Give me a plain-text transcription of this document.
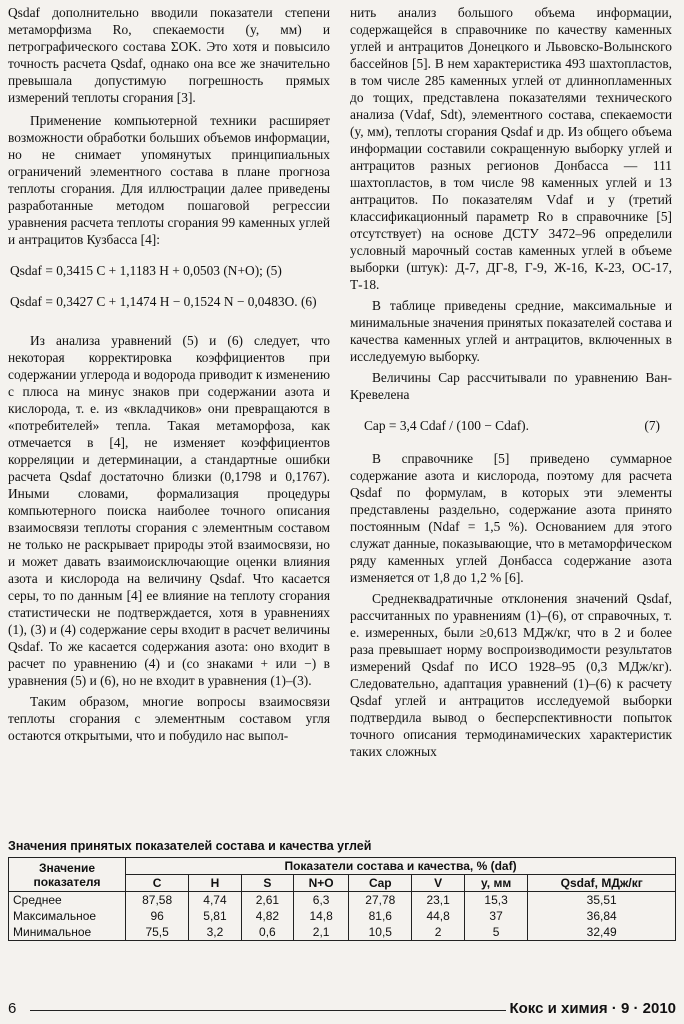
Qsdaf дополнительно вводили показатели степени метаморфизма Ro, спекаемости (y, мм) и петрографического состава ΣOK. Это хотя и повысило точность расчета Qsdaf, однако она все же значительно превышала допустимую погрешность прямых измерений теплоты сгорания [3].

Применение компьютерной техники расширяет возможности обработки больших объемов информации, но не снимает упомянутых принципиальных ограничений элементного состава в плане прогноза теплоты сгорания. Для иллюстрации далее приведены разработанные методом пошаговой регрессии уравнения расчета теплоты сгорания 99 каменных углей и антрацитов Кузбасса [4]:

Qsdaf = 0,3415 C + 1,1183 H + 0,0503 (N+O); (5)
Qsdaf = 0,3427 C + 1,1474 H − 0,1524 N − 0,0483O. (6)

Из анализа уравнений (5) и (6) следует, что некоторая корректировка коэффициентов при содержании углерода и водорода приводит к изменению с плюса на минус знаков при содержании азота и кислорода, т. е. из «вкладчиков» они превращаются в «потребителей» тепла. Такая метаморфоза, как отмечается в [4], не изменяет коэффициентов корреляции и детерминации, а стандартные ошибки расчета Qsdaf достаточно близки (0,1798 и 0,1767). Иными словами, формализация процедуры компьютерного поиска наиболее точного описания взаимосвязи теплоты сгорания с элементным составом не только не раскрывает природы этой взаимосвязи, но и может давать взаимоисключающие оценки влияния азота и кислорода на величину Qsdaf. Что касается серы, то по данным [4] ее влияние на теплоту сгорания статистически не подтверждается, хотя в уравнениях (1), (3) и (4) содержание серы входит в расчет величины Qsdaf. То же касается содержания азота: оно входит в расчет по уравнению (4) и (со знаками + или −) в уравнения (5) и (6), но не входит в уравнения (1)–(3).

Таким образом, многие вопросы взаимосвязи теплоты сгорания с элементным составом угля остаются открытыми, что и побудило нас выпол-

нить анализ большого объема информации, содержащейся в справочнике по качеству каменных углей и антрацитов Донецкого и Львовско-Волынского бассейнов [5]. В нем характеристика 493 шахтопластов, в том числе 285 каменных углей от длиннопламенных до тощих, представлена показателями технического анализа (Vdaf, Sdt), элементного состава, спекаемости (y, мм), теплоты сгорания Qsdaf и др. Из общего объема информации составили сокращенную выборку углей и антрацитов разных регионов Донбасса — 111 шахтопластов, в том числе 98 каменных углей и 13 антрацитов. По показателям Vdaf и y (третий классификационный параметр Ro в справочнике [5] отсутствует) на основе ДСТУ 3472–96 определили условный марочный состав каменных углей в объеме выборки (штук): Д-7, ДГ-8, Г-9, Ж-16, К-23, ОС-17, Т-18.

В таблице приведены средние, максимальные и минимальные значения принятых показателей состава и качества каменных углей и антрацитов, включенных в исследуемую выборку.

Величины Cар рассчитывали по уравнению Ван-Кревелена

Cар = 3,4 Cdaf / (100 − Cdaf).	(7)

В справочнике [5] приведено суммарное содержание азота и кислорода, поэтому для расчета Qsdaf по формулам, в которых эти элементы представлены раздельно, содержание азота принято постоянным (Ndaf = 1,5 %). Основанием для этого служат данные, показывающие, что в метаморфическом ряду каменных углей Донбасса содержание азота изменяется от 1,8 до 1,2 % [6].

Среднеквадратичные отклонения значений Qsdaf, рассчитанных по уравнениям (1)–(6), от справочных, т. е. измеренных, были ≥0,613 МДж/кг, что в 2 и более раза превышает норму воспроизводимости результатов измерений Qsdaf по ИСО 1928–95 (0,3 МДж/кг). Следовательно, адаптация уравнений (1)–(6) к расчету Qsdaf углей и антрацитов исследуемой выборки подтвердила вывод о бесперспективности попыток точного описания термодинамических характеристик таких сложных

Значения принятых показателей состава и качества углей
Значение показателя	Показатели состава и качества, % (daf)							
	C	H	S	N+O	Cар	V	y, мм	Qsdaf, МДж/кг
Среднее	87,58	4,74	2,61	6,3	27,78	23,1	15,3	35,51
Максимальное	96	5,81	4,82	14,8	81,6	44,8	37	36,84
Минимальное	75,5	3,2	0,6	2,1	10,5	2	5	32,49
6	Кокс и химия · 9 · 2010
